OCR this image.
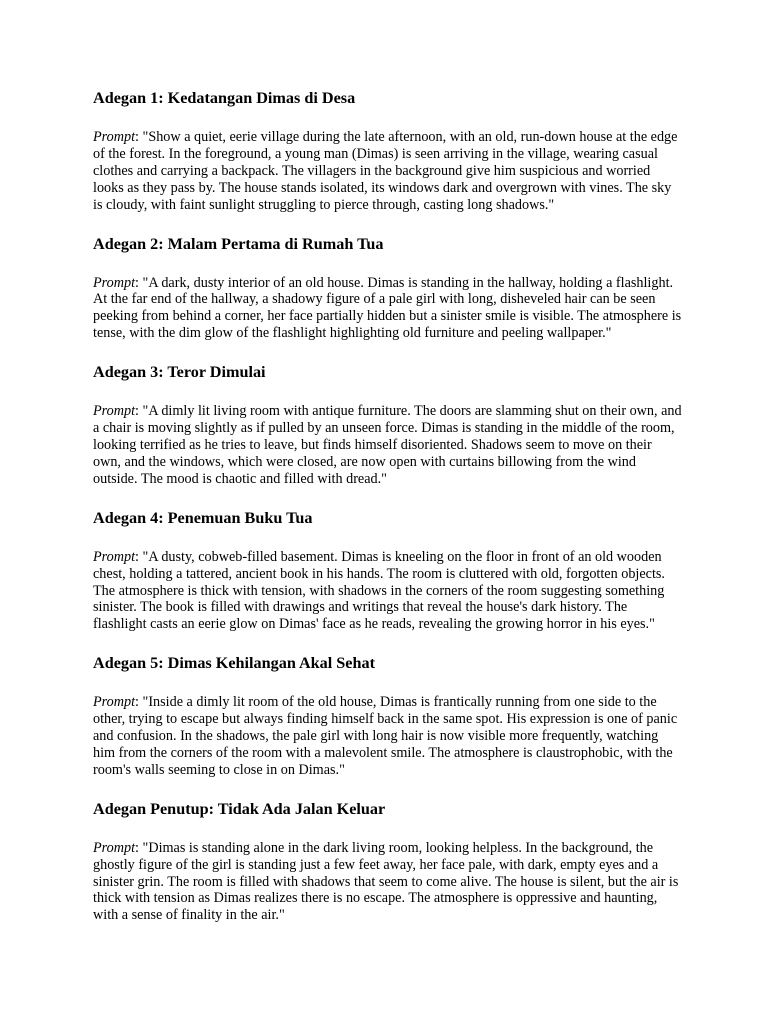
Adegan 1: Kedatangan Dimas di Desa

Prompt: "Show a quiet, eerie village during the late afternoon, with an old, run-down house at the edge of the forest. In the foreground, a young man (Dimas) is seen arriving in the village, wearing casual clothes and carrying a backpack. The villagers in the background give him suspicious and worried looks as they pass by. The house stands isolated, its windows dark and overgrown with vines. The sky is cloudy, with faint sunlight struggling to pierce through, casting long shadows."

Adegan 2: Malam Pertama di Rumah Tua

Prompt: "A dark, dusty interior of an old house. Dimas is standing in the hallway, holding a flashlight. At the far end of the hallway, a shadowy figure of a pale girl with long, disheveled hair can be seen peeking from behind a corner, her face partially hidden but a sinister smile is visible. The atmosphere is tense, with the dim glow of the flashlight highlighting old furniture and peeling wallpaper."

Adegan 3: Teror Dimulai

Prompt: "A dimly lit living room with antique furniture. The doors are slamming shut on their own, and a chair is moving slightly as if pulled by an unseen force. Dimas is standing in the middle of the room, looking terrified as he tries to leave, but finds himself disoriented. Shadows seem to move on their own, and the windows, which were closed, are now open with curtains billowing from the wind outside. The mood is chaotic and filled with dread."

Adegan 4: Penemuan Buku Tua

Prompt: "A dusty, cobweb-filled basement. Dimas is kneeling on the floor in front of an old wooden chest, holding a tattered, ancient book in his hands. The room is cluttered with old, forgotten objects. The atmosphere is thick with tension, with shadows in the corners of the room suggesting something sinister. The book is filled with drawings and writings that reveal the house's dark history. The flashlight casts an eerie glow on Dimas' face as he reads, revealing the growing horror in his eyes."

Adegan 5: Dimas Kehilangan Akal Sehat

Prompt: "Inside a dimly lit room of the old house, Dimas is frantically running from one side to the other, trying to escape but always finding himself back in the same spot. His expression is one of panic and confusion. In the shadows, the pale girl with long hair is now visible more frequently, watching him from the corners of the room with a malevolent smile. The atmosphere is claustrophobic, with the room's walls seeming to close in on Dimas."

Adegan Penutup: Tidak Ada Jalan Keluar

Prompt: "Dimas is standing alone in the dark living room, looking helpless. In the background, the ghostly figure of the girl is standing just a few feet away, her face pale, with dark, empty eyes and a sinister grin. The room is filled with shadows that seem to come alive. The house is silent, but the air is thick with tension as Dimas realizes there is no escape. The atmosphere is oppressive and haunting, with a sense of finality in the air."
